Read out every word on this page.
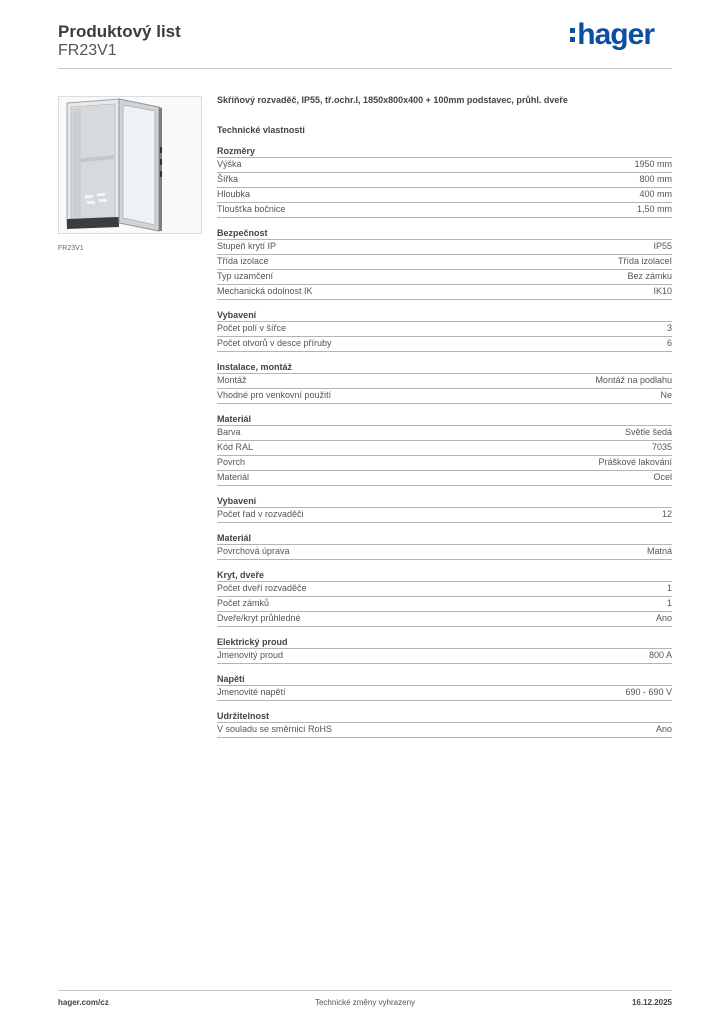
Produktový list
FR23V1	hager
FR23V1
Skříňový rozvaděč, IP55, tř.ochr.I, 1850x800x400 + 100mm podstavec, průhl. dveře
Technické vlastnosti
Rozměry
Výška	1950 mm
Šířka	800 mm
Hloubka	400 mm
Tloušťka bočnice	1,50 mm
Bezpečnost
Stupeň krytí IP	IP55
Třída izolace	Třída izolaceI
Typ uzamčení	Bez zámku
Mechanická odolnost IK	IK10
Vybavení
Počet polí v šířce	3
Počet otvorů v desce příruby	6
Instalace, montáž
Montáž	Montáž na podlahu
Vhodné pro venkovní použití	Ne
Materiál
Barva	Světle šedá
Kód RAL	7035
Povrch	Práškové lakování
Materiál	Ocel
Vybavení
Počet řad v rozvaděči	12
Materiál
Povrchová úprava	Matná
Kryt, dveře
Počet dveří rozvaděče	1
Počet zámků	1
Dveře/kryt průhledné	Ano
Elektrický proud
Jmenovitý proud	800 A
Napětí
Jmenovité napětí	690 - 690 V
Udržitelnost
V souladu se směrnicí RoHS	Ano
hager.com/cz	Technické změny vyhrazeny	16.12.2025
